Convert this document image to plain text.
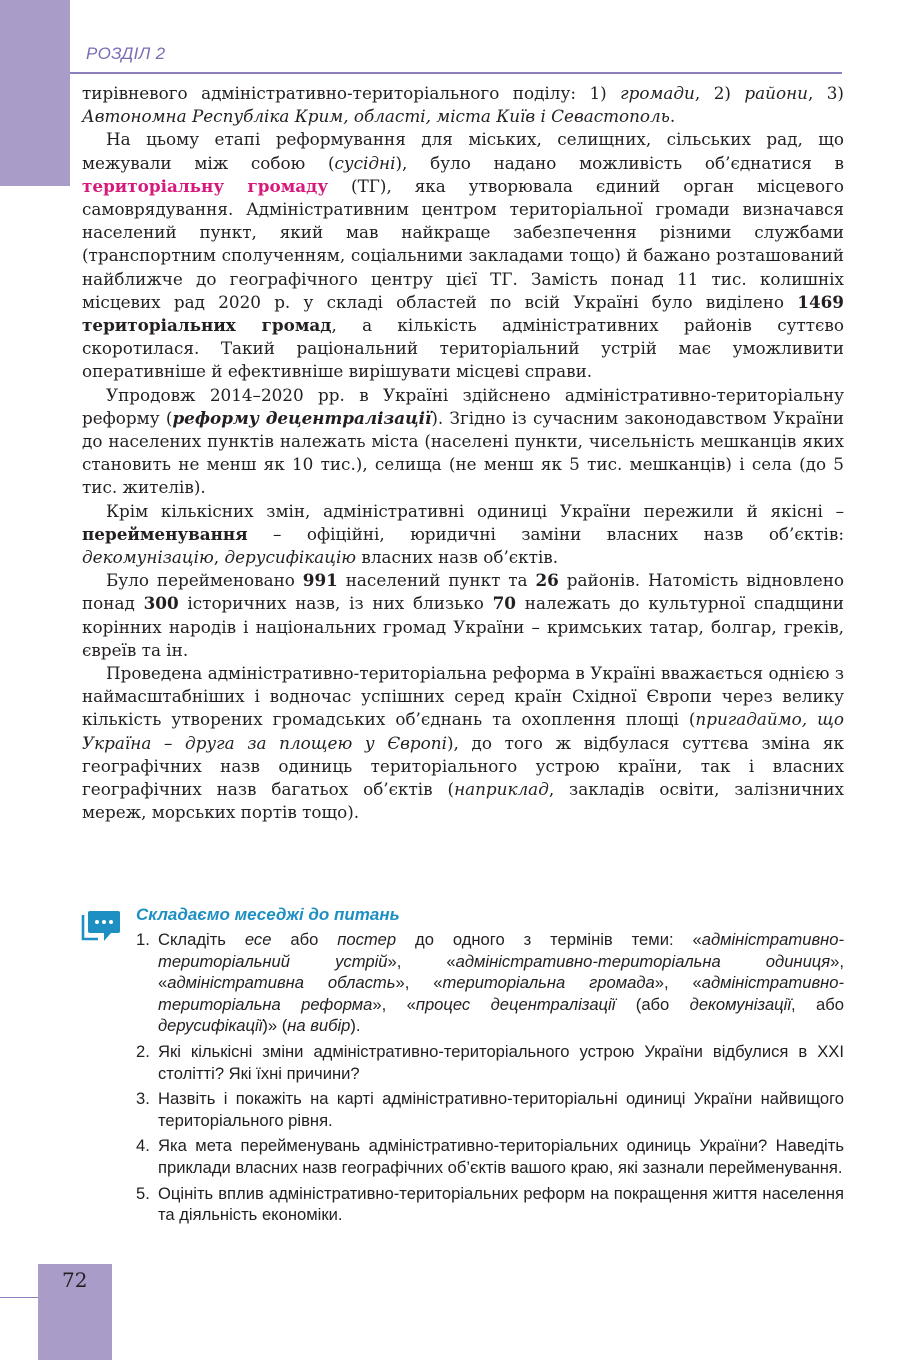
РОЗДІЛ 2

тирівневого адміністративно-територіального поділу: 1) громади, 2) райони, 3) Автономна Республіка Крим, області, міста Київ і Севастополь.

На цьому етапі реформування для міських, селищних, сільських рад, що межували між собою (сусідні), було надано можливість об’єднатися в територіальну громаду (ТГ), яка утворювала єдиний орган місцевого самоврядування. Адміністративним центром територіальної громади визначався населений пункт, який мав найкраще забезпечення різними службами (транспортним сполученням, соціальними закладами тощо) й бажано розташований найближче до географічного центру цієї ТГ. Замість понад 11 тис. колишніх місцевих рад 2020 р. у складі областей по всій Україні було виділено 1469 територіальних громад, а кількість адміністративних районів суттєво скоротилася. Такий раціональний територіальний устрій має уможливити оперативніше й ефективніше вирішувати місцеві справи.

Упродовж 2014–2020 рр. в Україні здійснено адміністративно-територіальну реформу (реформу децентралізації). Згідно із сучасним законодавством України до населених пунктів належать міста (населені пункти, чисельність мешканців яких становить не менш як 10 тис.), селища (не менш як 5 тис. мешканців) і села (до 5 тис. жителів).

Крім кількісних змін, адміністративні одиниці України пережили й якісні – перейменування – офіційні, юридичні заміни власних назв об’єктів: декомунізацію, дерусифікацію власних назв об’єктів.

Було перейменовано 991 населений пункт та 26 районів. Натомість відновлено понад 300 історичних назв, із них близько 70 належать до культурної спадщини корінних народів і національних громад України – кримських татар, болгар, греків, євреїв та ін.

Проведена адміністративно-територіальна реформа в Україні вважається однією з наймасштабніших і водночас успішних серед країн Східної Європи через велику кількість утворених громадських об’єднань та охоплення площі (пригадаймо, що Україна – друга за площею у Європі), до того ж відбулася суттєва зміна як географічних назв одиниць територіального устрою країни, так і власних географічних назв багатьох об’єктів (наприклад, закладів освіти, залізничних мереж, морських портів тощо).

Складаємо меседжі до питань
1. Складіть есе або постер до одного з термінів теми: «адміністративно-територіальний устрій», «адміністративно-територіальна одиниця», «адміністративна область», «територіальна громада», «адміністративно-територіальна реформа», «процес децентралізації (або декомунізації, або дерусифікації)» (на вибір).
2. Які кількісні зміни адміністративно-територіального устрою України відбулися в ХХІ столітті? Які їхні причини?
3. Назвіть і покажіть на карті адміністративно-територіальні одиниці України найвищого територіального рівня.
4. Яка мета перейменувань адміністративно-територіальних одиниць України? Наведіть приклади власних назв географічних об’єктів вашого краю, які зазнали перейменування.
5. Оцініть вплив адміністративно-територіальних реформ на покращення життя населення та діяльність економіки.
72
